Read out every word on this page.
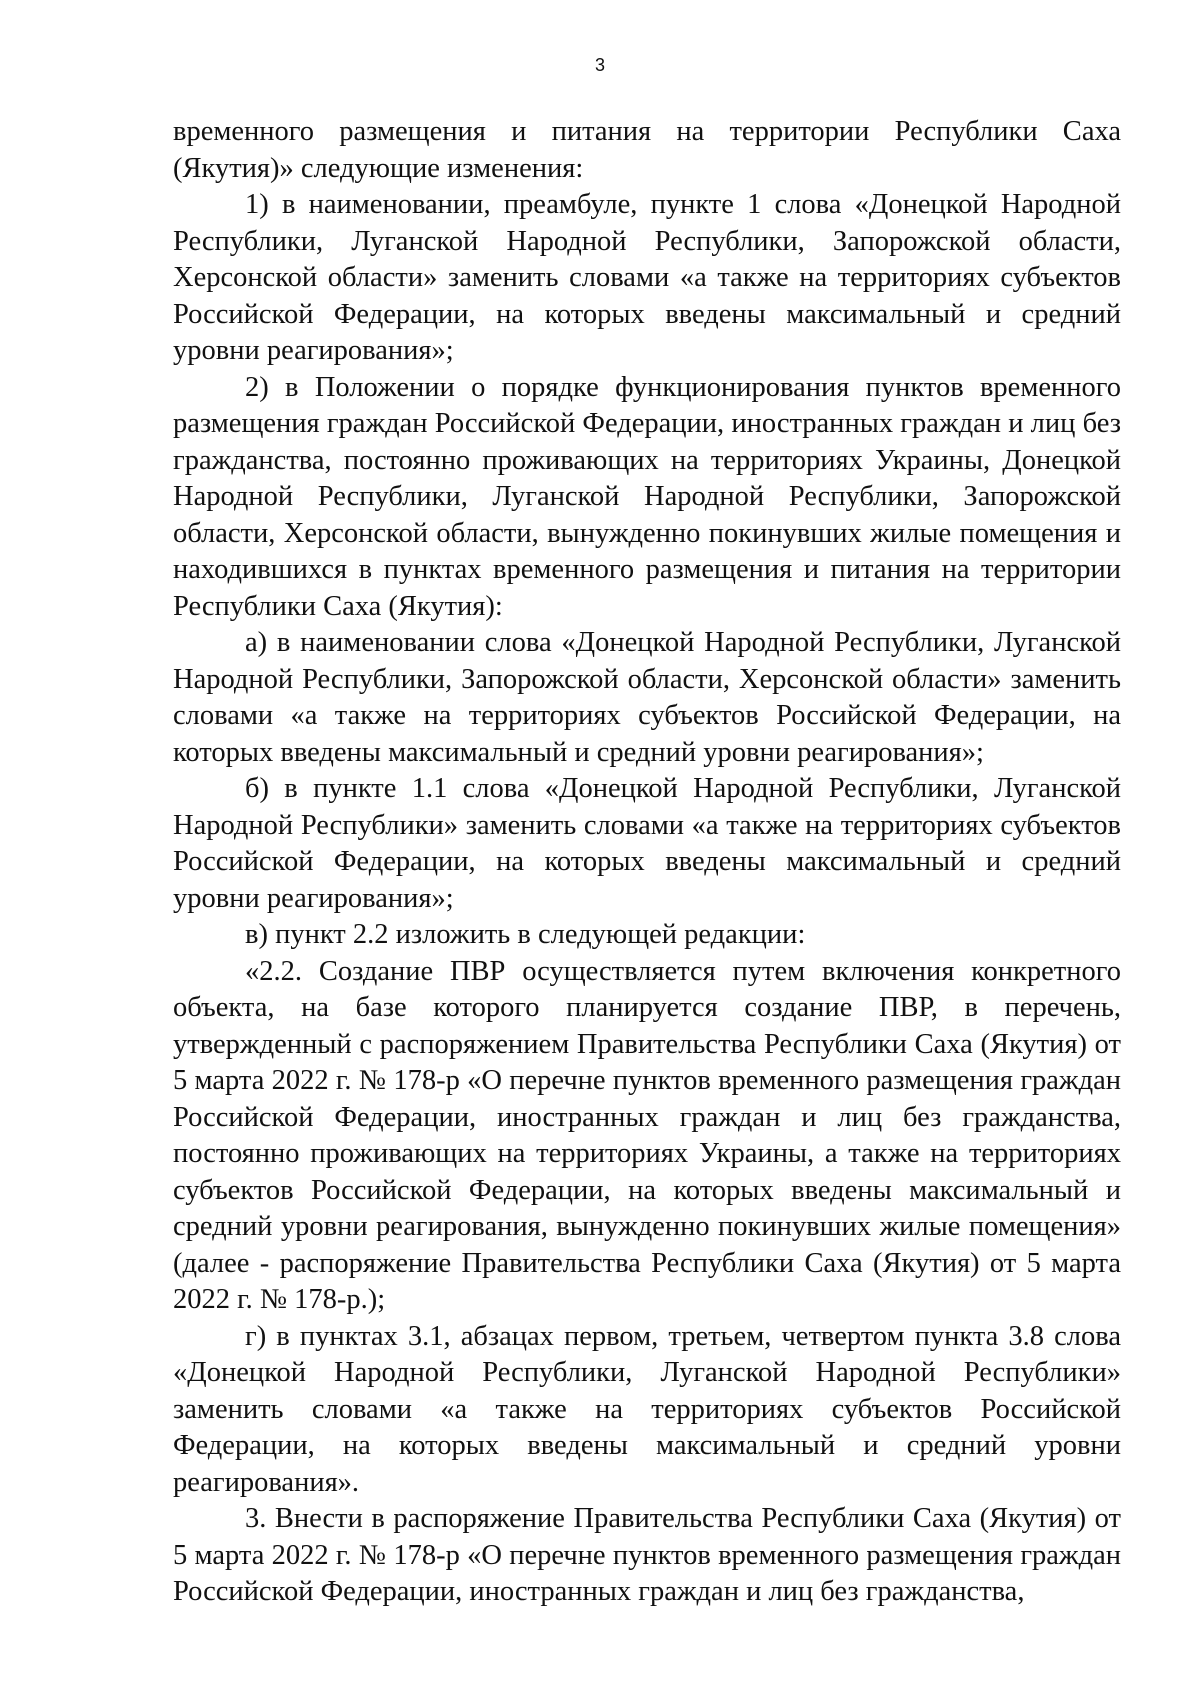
3

временного размещения и питания на территории Республики Саха (Якутия)» следующие изменения:

1) в наименовании, преамбуле, пункте 1 слова «Донецкой Народной Республики, Луганской Народной Республики, Запорожской области, Херсонской области» заменить словами «а также на территориях субъектов Российской Федерации, на которых введены максимальный и средний уровни реагирования»;

2) в Положении о порядке функционирования пунктов временного размещения граждан Российской Федерации, иностранных граждан и лиц без гражданства, постоянно проживающих на территориях Украины, Донецкой Народной Республики, Луганской Народной Республики, Запорожской области, Херсонской области, вынужденно покинувших жилые помещения и находившихся в пунктах временного размещения и питания на территории Республики Саха (Якутия):

а) в наименовании слова «Донецкой Народной Республики, Луганской Народной Республики, Запорожской области, Херсонской области» заменить словами «а также на территориях субъектов Российской Федерации, на которых введены максимальный и средний уровни реагирования»;

б) в пункте 1.1 слова «Донецкой Народной Республики, Луганской Народной Республики» заменить словами «а также на территориях субъектов Российской Федерации, на которых введены максимальный и средний уровни реагирования»;

в) пункт 2.2 изложить в следующей редакции:

«2.2. Создание ПВР осуществляется путем включения конкретного объекта, на базе которого планируется создание ПВР, в перечень, утвержденный с распоряжением Правительства Республики Саха (Якутия) от 5 марта 2022 г. № 178-р «О перечне пунктов временного размещения граждан Российской Федерации, иностранных граждан и лиц без гражданства, постоянно проживающих на территориях Украины, а также на территориях субъектов Российской Федерации, на которых введены максимальный и средний уровни реагирования, вынужденно покинувших жилые помещения» (далее - распоряжение Правительства Республики Саха (Якутия) от 5 марта 2022 г. № 178-р.);

г) в пунктах 3.1, абзацах первом, третьем, четвертом пункта 3.8 слова «Донецкой Народной Республики, Луганской Народной Республики» заменить словами «а также на территориях субъектов Российской Федерации, на которых введены максимальный и средний уровни реагирования».

3. Внести в распоряжение Правительства Республики Саха (Якутия) от 5 марта 2022 г. № 178-р «О перечне пунктов временного размещения граждан Российской Федерации, иностранных граждан и лиц без гражданства,
